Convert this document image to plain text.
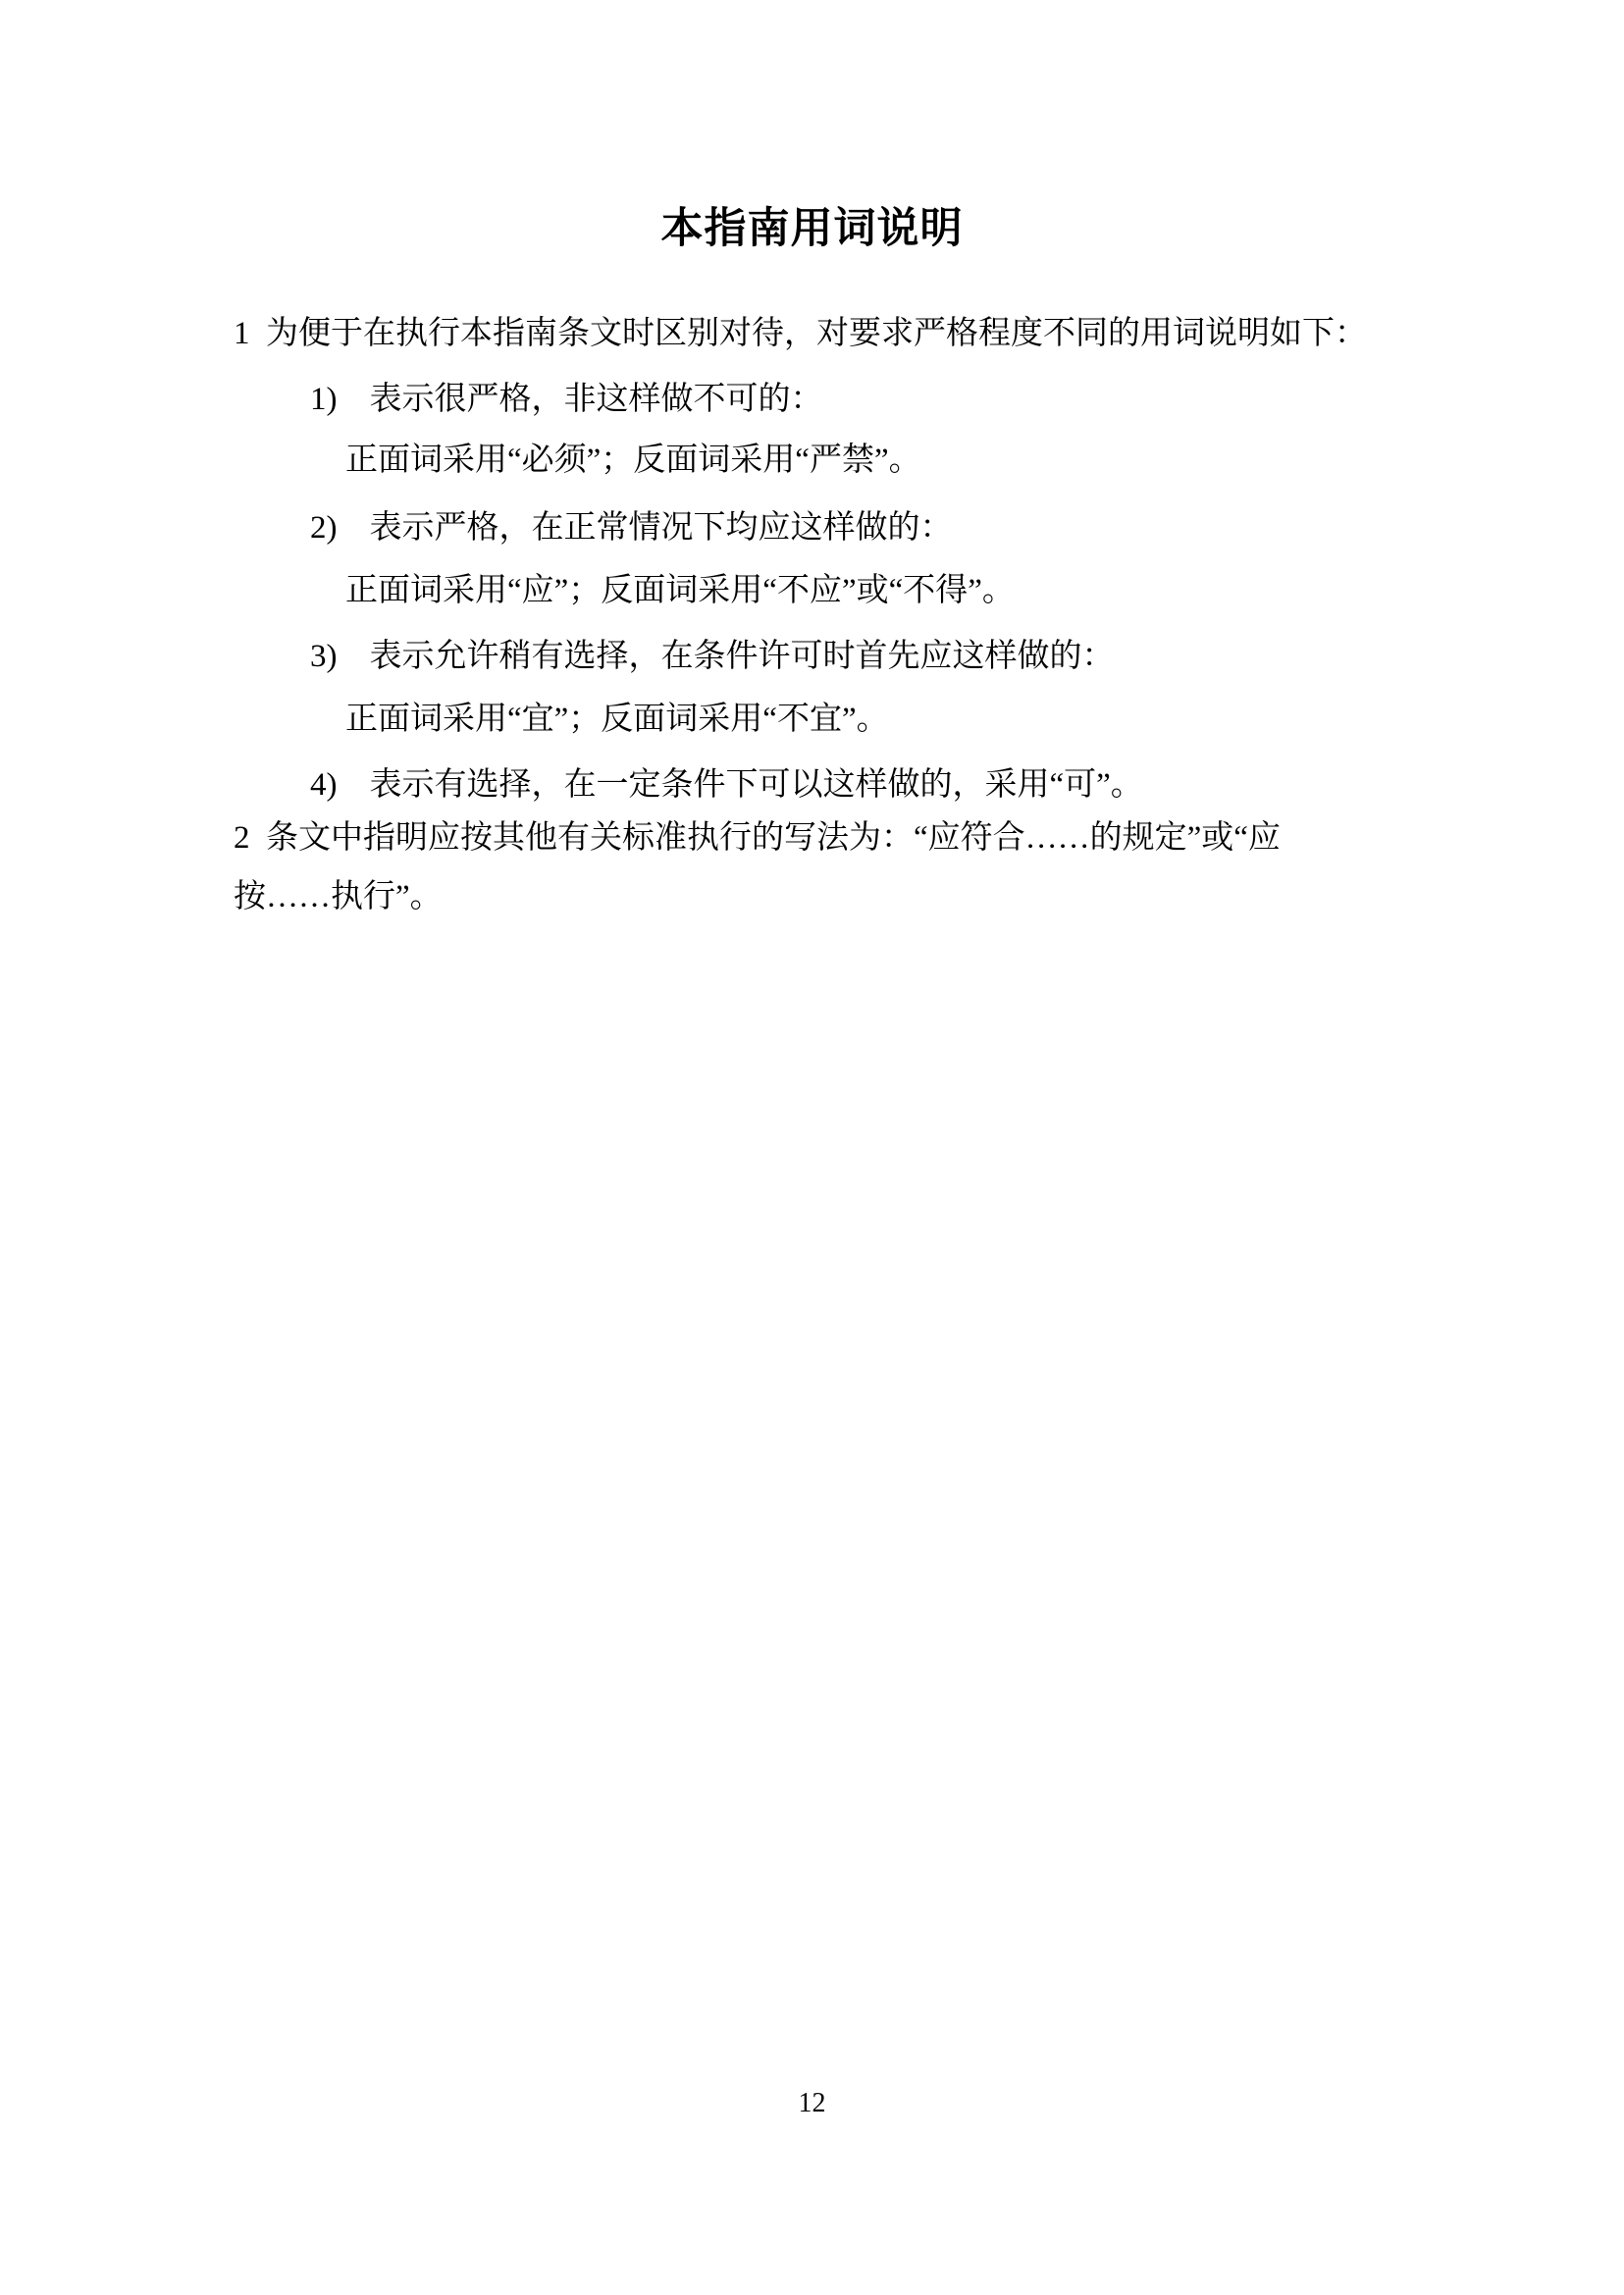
本指南用词说明
1  为便于在执行本指南条文时区别对待，对要求严格程度不同的用词说明如下：
1)　表示很严格，非这样做不可的：
正面词采用“必须”；反面词采用“严禁”。
2)　表示严格，在正常情况下均应这样做的：
正面词采用“应”；反面词采用“不应”或“不得”。
3)　表示允许稍有选择，在条件许可时首先应这样做的：
正面词采用“宜”；反面词采用“不宜”。
4)　表示有选择，在一定条件下可以这样做的，采用“可”。
2  条文中指明应按其他有关标准执行的写法为：“应符合……的规定”或“应
按……执行”。
12
